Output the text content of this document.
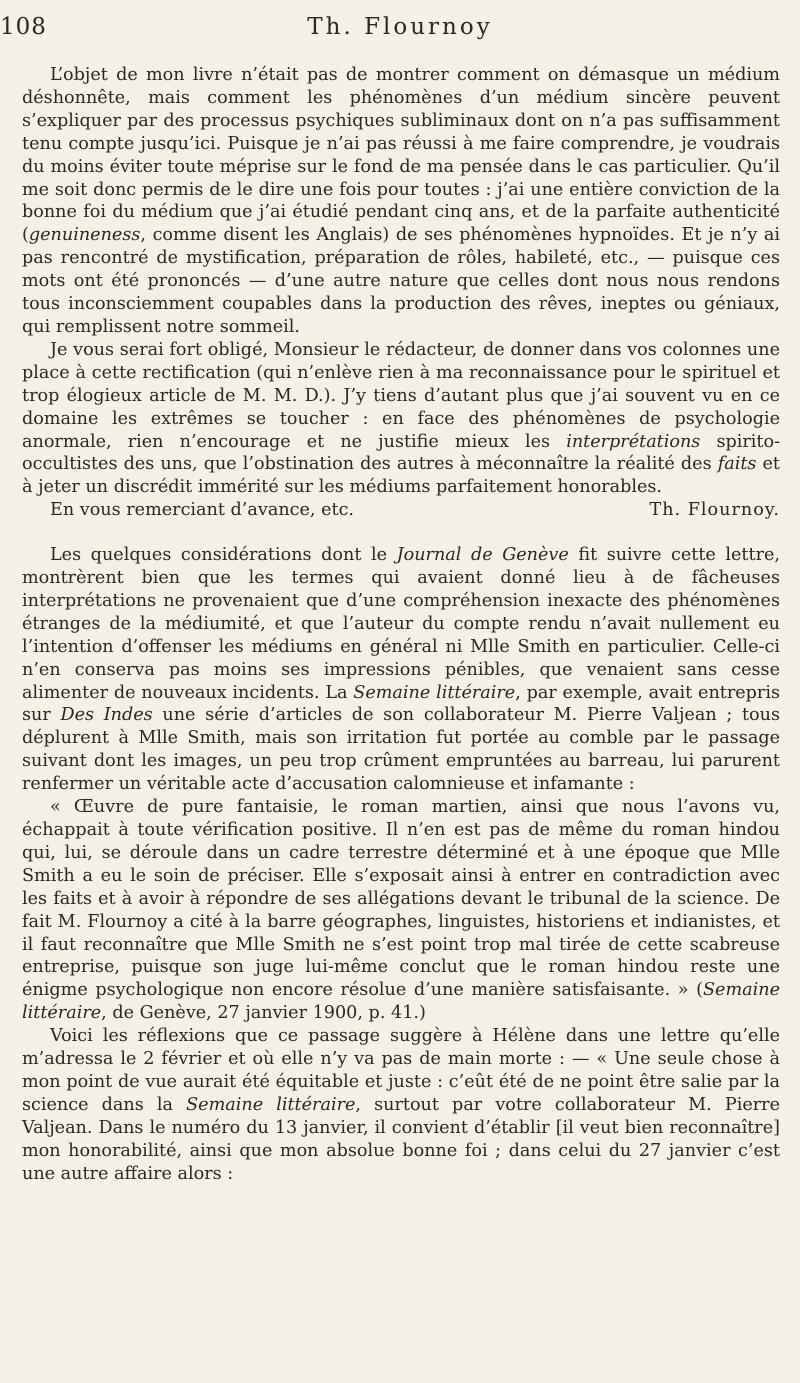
Th. Flournoy
108

L’objet de mon livre n’était pas de montrer comment on démasque un médium déshonnête, mais comment les phénomènes d’un médium sincère peuvent s’expliquer par des processus psychiques subliminaux dont on n’a pas suffisamment tenu compte jusqu’ici. Puisque je n’ai pas réussi à me faire comprendre, je voudrais du moins éviter toute méprise sur le fond de ma pensée dans le cas particulier. Qu’il me soit donc permis de le dire une fois pour toutes : j’ai une entière conviction de la bonne foi du médium que j’ai étudié pendant cinq ans, et de la parfaite authenticité (genuineness, comme disent les Anglais) de ses phénomènes hypnoïdes. Et je n’y ai pas rencontré de mystification, préparation de rôles, habileté, etc., — puisque ces mots ont été prononcés — d’une autre nature que celles dont nous nous rendons tous inconsciemment coupables dans la production des rêves, ineptes ou géniaux, qui remplissent notre sommeil.

Je vous serai fort obligé, Monsieur le rédacteur, de donner dans vos colonnes une place à cette rectification (qui n’enlève rien à ma reconnaissance pour le spirituel et trop élogieux article de M. M. D.). J’y tiens d’autant plus que j’ai souvent vu en ce domaine les extrêmes se toucher : en face des phénomènes de psychologie anormale, rien n’encourage et ne justifie mieux les interprétations spirito-occultistes des uns, que l’obstination des autres à méconnaître la réalité des faits et à jeter un discrédit immérité sur les médiums parfaitement honorables.

En vous remerciant d’avance, etc.	Th. Flournoy.

Les quelques considérations dont le Journal de Genève fit suivre cette lettre, montrèrent bien que les termes qui avaient donné lieu à de fâcheuses interprétations ne provenaient que d’une compréhension inexacte des phénomènes étranges de la médiumité, et que l’auteur du compte rendu n’avait nullement eu l’intention d’offenser les médiums en général ni Mlle Smith en particulier. Celle-ci n’en conserva pas moins ses impressions pénibles, que venaient sans cesse alimenter de nouveaux incidents. La Semaine littéraire, par exemple, avait entrepris sur Des Indes une série d’articles de son collaborateur M. Pierre Valjean ; tous déplurent à Mlle Smith, mais son irritation fut portée au comble par le passage suivant dont les images, un peu trop crûment empruntées au barreau, lui parurent renfermer un véritable acte d’accusation calomnieuse et infamante :

« Œuvre de pure fantaisie, le roman martien, ainsi que nous l’avons vu, échappait à toute vérification positive. Il n’en est pas de même du roman hindou qui, lui, se déroule dans un cadre terrestre déterminé et à une époque que Mlle Smith a eu le soin de préciser. Elle s’exposait ainsi à entrer en contradiction avec les faits et à avoir à répondre de ses allégations devant le tribunal de la science. De fait M. Flournoy a cité à la barre géographes, linguistes, historiens et indianistes, et il faut reconnaître que Mlle Smith ne s’est point trop mal tirée de cette scabreuse entreprise, puisque son juge lui-même conclut que le roman hindou reste une énigme psychologique non encore résolue d’une manière satisfaisante. » (Semaine littéraire, de Genève, 27 janvier 1900, p. 41.)

Voici les réflexions que ce passage suggère à Hélène dans une lettre qu’elle m’adressa le 2 février et où elle n’y va pas de main morte : — « Une seule chose à mon point de vue aurait été équitable et juste : c’eût été de ne point être salie par la science dans la Semaine littéraire, surtout par votre collaborateur M. Pierre Valjean. Dans le numéro du 13 janvier, il convient d’établir [il veut bien reconnaître] mon honorabilité, ainsi que mon absolue bonne foi ; dans celui du 27 janvier c’est une autre affaire alors :
